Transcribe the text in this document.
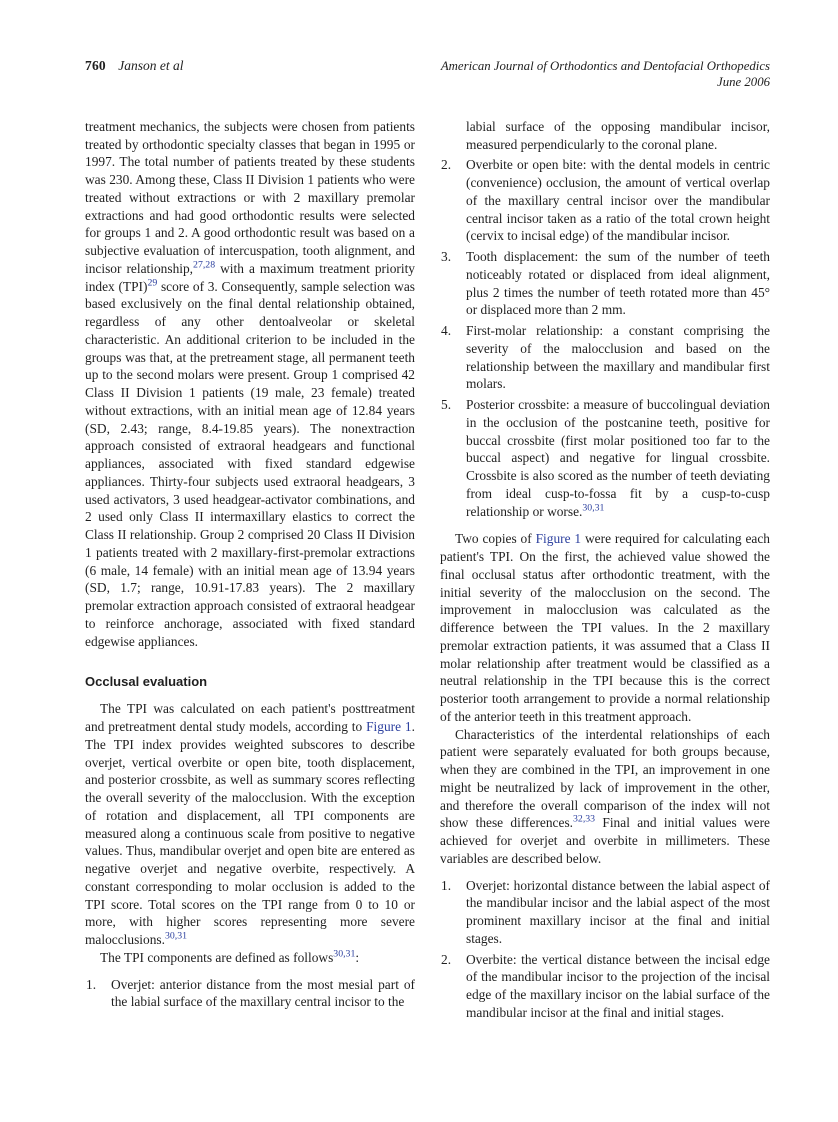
760 Janson et al	American Journal of Orthodontics and Dentofacial Orthopedics
June 2006

treatment mechanics, the subjects were chosen from patients treated by orthodontic specialty classes that began in 1995 or 1997. The total number of patients treated by these students was 230. Among these, Class II Division 1 patients who were treated without extractions or with 2 maxillary premolar extractions and had good orthodontic results were selected for groups 1 and 2. A good orthodontic result was based on a subjective evaluation of intercuspation, tooth alignment, and incisor relationship,$^{27,28}$ with a maximum treatment priority index (TPI)$^{29}$ score of 3. Consequently, sample selection was based exclusively on the final dental relationship obtained, regardless of any other dentoalveolar or skeletal characteristic. An additional criterion to be included in the groups was that, at the pretreament stage, all permanent teeth up to the second molars were present. Group 1 comprised 42 Class II Division 1 patients (19 male, 23 female) treated without extractions, with an initial mean age of 12.84 years (SD, 2.43; range, 8.4-19.85 years). The nonextraction approach consisted of extraoral headgears and functional appliances, associated with fixed standard edgewise appliances. Thirty-four subjects used extraoral headgears, 3 used activators, 3 used headgear-activator combinations, and 2 used only Class II intermaxillary elastics to correct the Class II relationship. Group 2 comprised 20 Class II Division 1 patients treated with 2 maxillary-first-premolar extractions (6 male, 14 female) with an initial mean age of 13.94 years (SD, 1.7; range, 10.91-17.83 years). The 2 maxillary premolar extraction approach consisted of extraoral headgear to reinforce anchorage, associated with fixed standard edgewise appliances.

Occlusal evaluation

The TPI was calculated on each patient's posttreatment and pretreatment dental study models, according to Figure 1. The TPI index provides weighted subscores to describe overjet, vertical overbite or open bite, tooth displacement, and posterior crossbite, as well as summary scores reflecting the overall severity of the malocclusion. With the exception of rotation and displacement, all TPI components are measured along a continuous scale from positive to negative values. Thus, mandibular overjet and open bite are entered as negative overjet and negative overbite, respectively. A constant corresponding to molar occlusion is added to the TPI score. Total scores on the TPI range from 0 to 10 or more, with higher scores representing more severe malocclusions.$^{30,31}$

The TPI components are defined as follows$^{30,31}$:

1. Overjet: anterior distance from the most mesial part of the labial surface of the maxillary central incisor to the
labial surface of the opposing mandibular incisor, measured perpendicularly to the coronal plane.
2. Overbite or open bite: with the dental models in centric (convenience) occlusion, the amount of vertical overlap of the maxillary central incisor over the mandibular central incisor taken as a ratio of the total crown height (cervix to incisal edge) of the mandibular incisor.
3. Tooth displacement: the sum of the number of teeth noticeably rotated or displaced from ideal alignment, plus 2 times the number of teeth rotated more than 45° or displaced more than 2 mm.
4. First-molar relationship: a constant comprising the severity of the malocclusion and based on the relationship between the maxillary and mandibular first molars.
5. Posterior crossbite: a measure of buccolingual deviation in the occlusion of the postcanine teeth, positive for buccal crossbite (first molar positioned too far to the buccal aspect) and negative for lingual crossbite. Crossbite is also scored as the number of teeth deviating from ideal cusp-to-fossa fit by a cusp-to-cusp relationship or worse.$^{30,31}$

Two copies of Figure 1 were required for calculating each patient's TPI. On the first, the achieved value showed the final occlusal status after orthodontic treatment, with the initial severity of the malocclusion on the second. The improvement in malocclusion was calculated as the difference between the TPI values. In the 2 maxillary premolar extraction patients, it was assumed that a Class II molar relationship after treatment would be classified as a neutral relationship in the TPI because this is the correct posterior tooth arrangement to provide a normal relationship of the anterior teeth in this treatment approach.

Characteristics of the interdental relationships of each patient were separately evaluated for both groups because, when they are combined in the TPI, an improvement in one might be neutralized by lack of improvement in the other, and therefore the overall comparison of the index will not show these differences.$^{32,33}$ Final and initial values were achieved for overjet and overbite in millimeters. These variables are described below.

1. Overjet: horizontal distance between the labial aspect of the mandibular incisor and the labial aspect of the most prominent maxillary incisor at the final and initial stages.
2. Overbite: the vertical distance between the incisal edge of the mandibular incisor to the projection of the incisal edge of the maxillary incisor on the labial surface of the mandibular incisor at the final and initial stages.
